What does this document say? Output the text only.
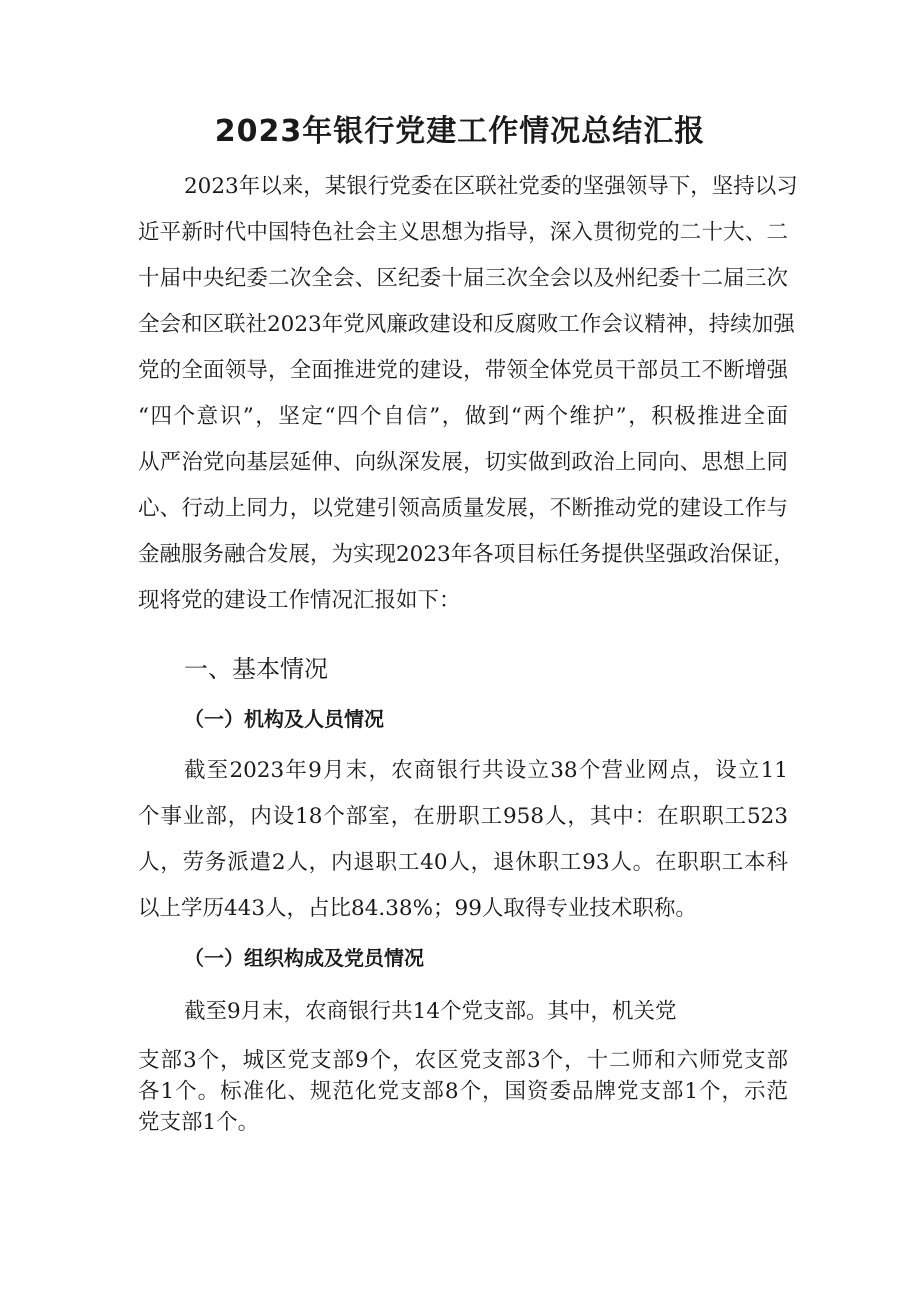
2023年银行党建工作情况总结汇报
2023年以来，某银行党委在区联社党委的坚强领导下，坚持以习
近平新时代中国特色社会主义思想为指导，深入贯彻党的二十大、二
十届中央纪委二次全会、区纪委十届三次全会以及州纪委十二届三次
全会和区联社2023年党风廉政建设和反腐败工作会议精神，持续加强
党的全面领导，全面推进党的建设，带领全体党员干部员工不断增强
“四个意识”，坚定“四个自信”，做到“两个维护”，积极推进全面
从严治党向基层延伸、向纵深发展，切实做到政治上同向、思想上同
心、行动上同力，以党建引领高质量发展，不断推动党的建设工作与
金融服务融合发展，为实现2023年各项目标任务提供坚强政治保证，
现将党的建设工作情况汇报如下：
一、基本情况
（一）机构及人员情况
截至2023年9月末，农商银行共设立38个营业网点，设立11
个事业部，内设18个部室，在册职工958人，其中：在职职工523
人，劳务派遣2人，内退职工40人，退休职工93人。在职职工本科
以上学历443人，占比84.38%；99人取得专业技术职称。
（一）组织构成及党员情况
截至9月末，农商银行共14个党支部。其中，机关党
支部3个，城区党支部9个，农区党支部3个，十二师和六师党支部
各1个。标准化、规范化党支部8个，国资委品牌党支部1个，示范
党支部1个。
